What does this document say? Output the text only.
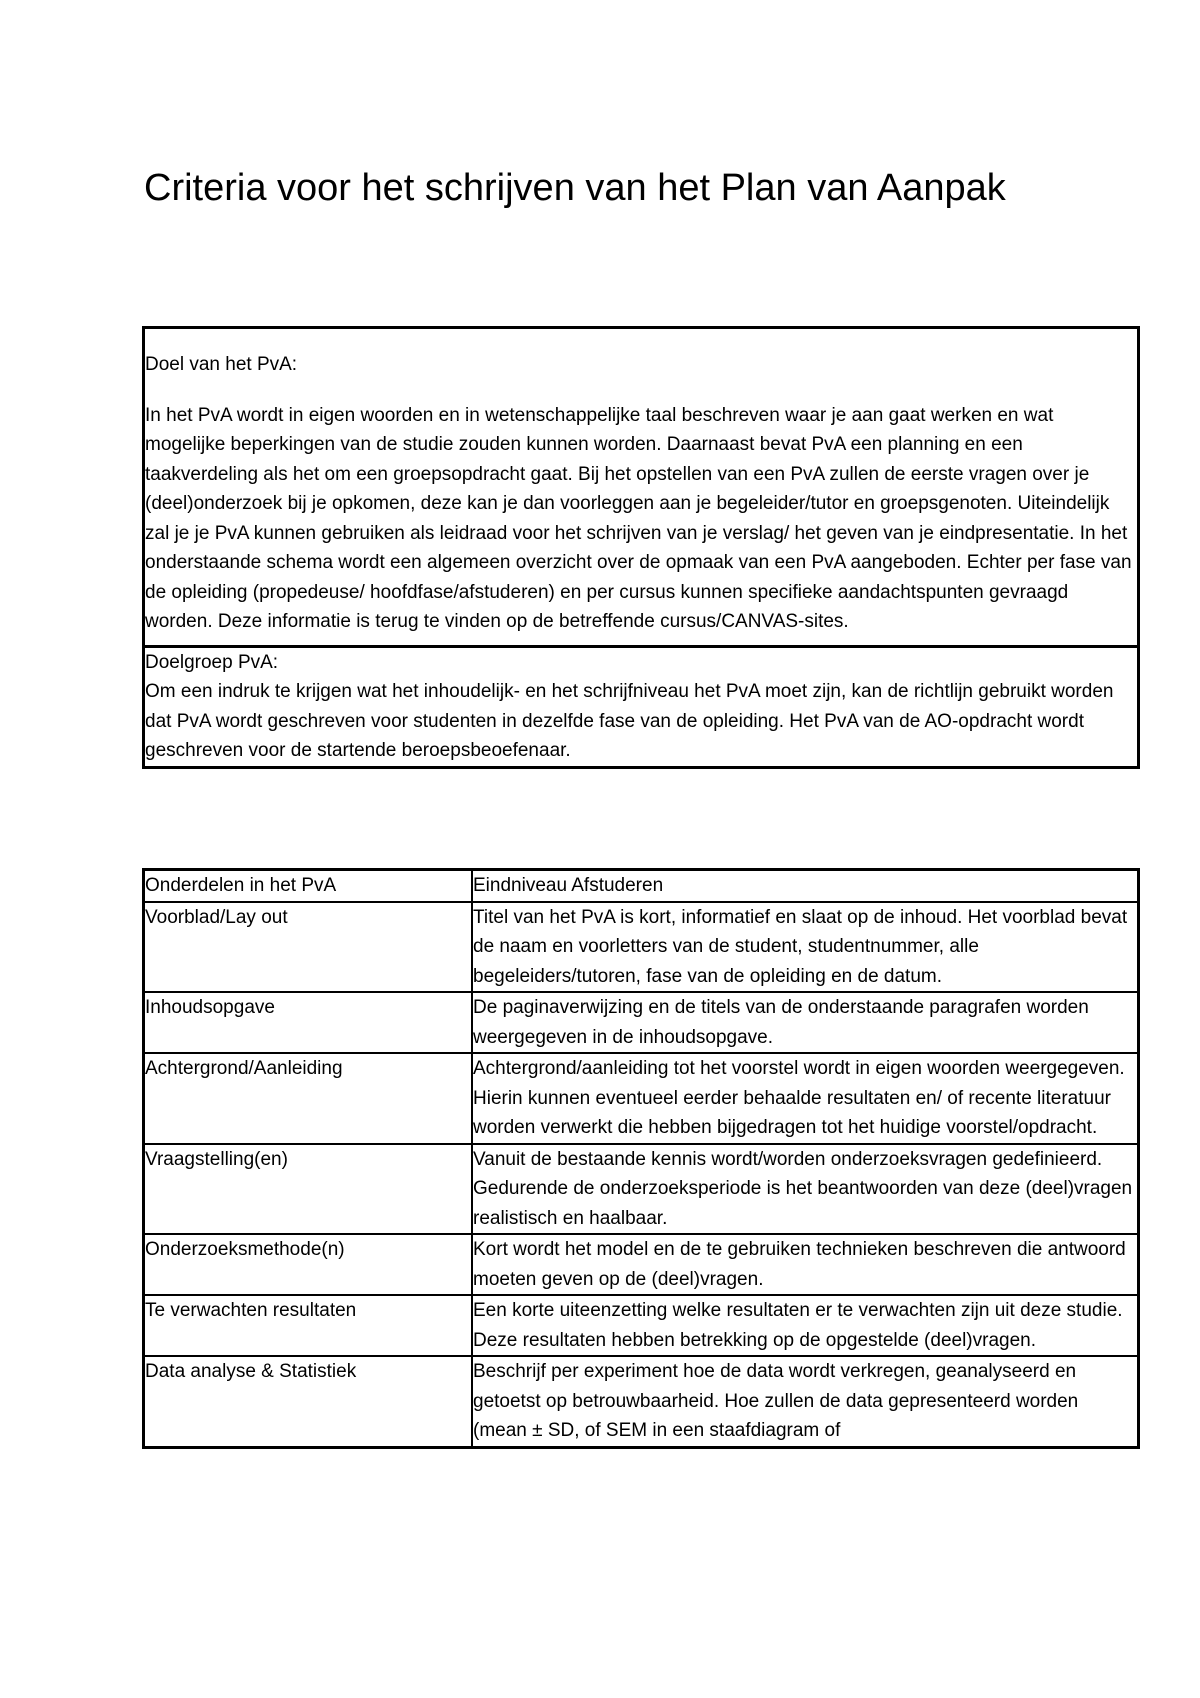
Criteria voor het schrijven van het Plan van Aanpak
Doel van het PvA:
In het PvA wordt in eigen woorden en in wetenschappelijke taal beschreven waar je aan gaat werken en wat mogelijke beperkingen van de studie zouden kunnen worden. Daarnaast bevat PvA een planning en een taakverdeling als het om een groepsopdracht gaat. Bij het opstellen van een PvA zullen de eerste vragen over je (deel)onderzoek bij je opkomen, deze kan je dan voorleggen aan je begeleider/tutor en groepsgenoten. Uiteindelijk zal je je PvA kunnen gebruiken als leidraad voor het schrijven van je verslag/ het geven van je eindpresentatie. In het onderstaande schema wordt een algemeen overzicht over de opmaak van een PvA aangeboden. Echter per fase van de opleiding (propedeuse/ hoofdfase/afstuderen) en per cursus kunnen specifieke aandachtspunten gevraagd worden. Deze informatie is terug te vinden op de betreffende cursus/CANVAS-sites.
Doelgroep PvA:
Om een indruk te krijgen wat het inhoudelijk- en het schrijfniveau het PvA moet zijn, kan de richtlijn gebruikt worden dat PvA wordt geschreven voor studenten in dezelfde fase van de opleiding. Het PvA van de AO-opdracht wordt geschreven voor de startende beroepsbeoefenaar.
Onderdelen in het PvA	Eindniveau Afstuderen
Voorblad/Lay out	Titel van het PvA is kort, informatief en slaat op de inhoud. Het voorblad bevat de naam en voorletters van de student, studentnummer, alle begeleiders/tutoren, fase van de opleiding en de datum.
Inhoudsopgave	De paginaverwijzing en de titels van de onderstaande paragrafen worden weergegeven in de inhoudsopgave.
Achtergrond/Aanleiding	Achtergrond/aanleiding tot het voorstel wordt in eigen woorden weergegeven. Hierin kunnen eventueel eerder behaalde resultaten en/ of recente literatuur worden verwerkt die hebben bijgedragen tot het huidige voorstel/opdracht.
Vraagstelling(en)	Vanuit de bestaande kennis wordt/worden onderzoeksvragen gedefinieerd. Gedurende de onderzoeksperiode is het beantwoorden van deze (deel)vragen realistisch en haalbaar.
Onderzoeksmethode(n)	Kort wordt het model en de te gebruiken technieken beschreven die antwoord moeten geven op de (deel)vragen.
Te verwachten resultaten	Een korte uiteenzetting welke resultaten er te verwachten zijn uit deze studie. Deze resultaten hebben betrekking op de opgestelde (deel)vragen.
Data analyse & Statistiek	Beschrijf per experiment hoe de data wordt verkregen, geanalyseerd en getoetst op betrouwbaarheid. Hoe zullen de data gepresenteerd worden (mean ± SD, of SEM in een staafdiagram of
